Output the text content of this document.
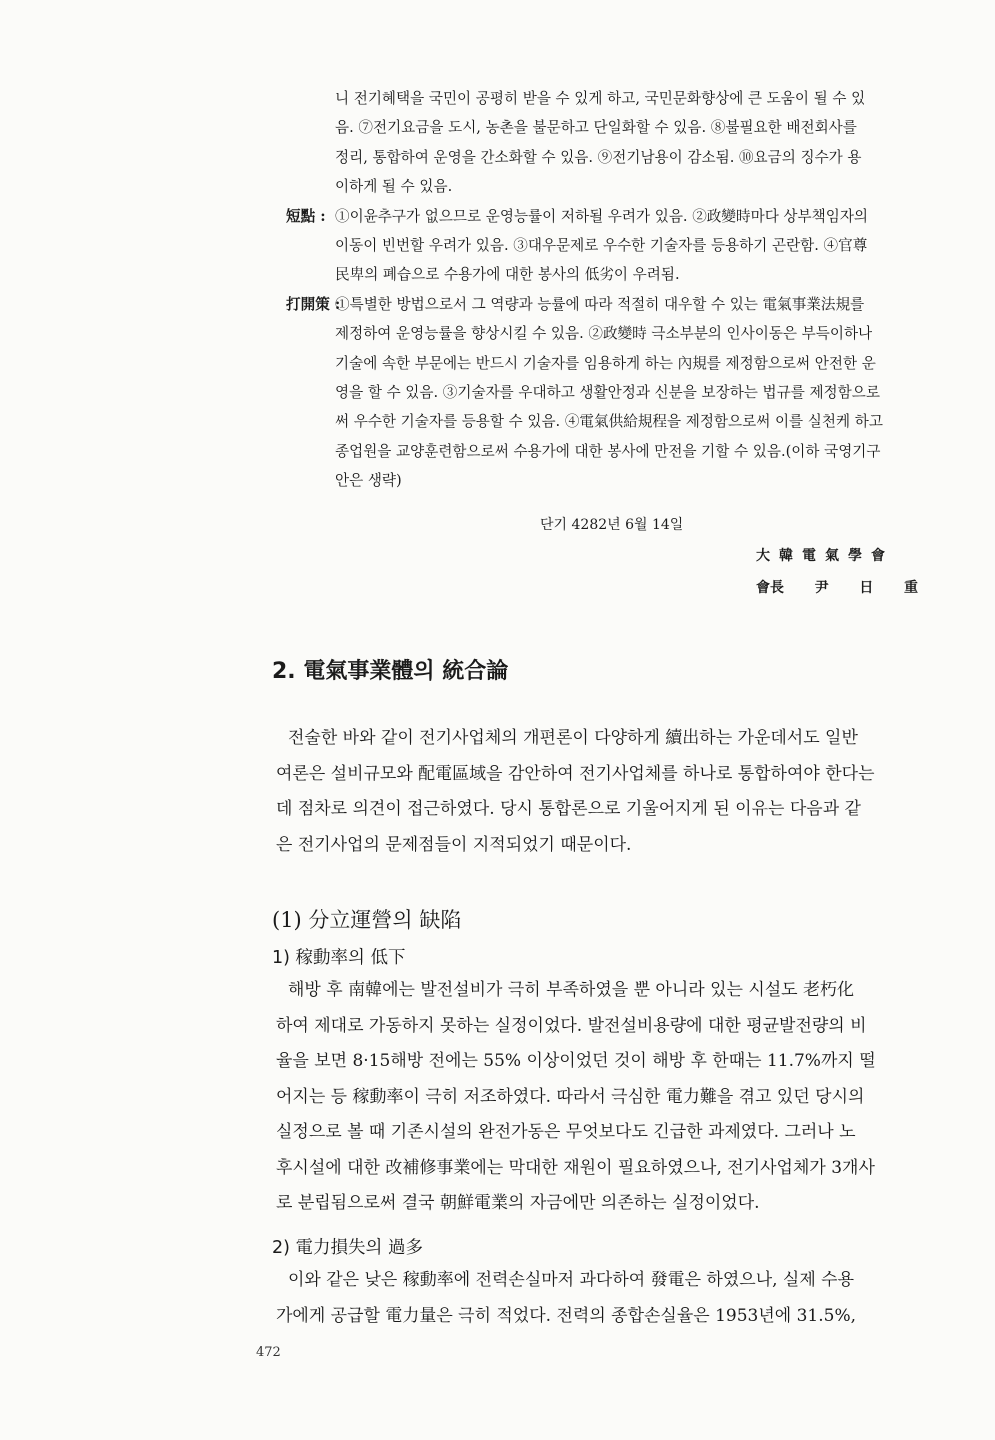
니 전기혜택을 국민이 공평히 받을 수 있게 하고, 국민문화향상에 큰 도움이 될 수 있
음. ⑦전기요금을 도시, 농촌을 불문하고 단일화할 수 있음. ⑧불필요한 배전회사를
정리, 통합하여 운영을 간소화할 수 있음. ⑨전기남용이 감소됨. ⑩요금의 징수가 용
이하게 될 수 있음.
短點 : ①이윤추구가 없으므로 운영능률이 저하될 우려가 있음. ②政變時마다 상부책임자의
이동이 빈번할 우려가 있음. ③대우문제로 우수한 기술자를 등용하기 곤란함. ④官尊
民卑의 폐습으로 수용가에 대한 봉사의 低劣이 우려됨.
打開策 :①특별한 방법으로서 그 역량과 능률에 따라 적절히 대우할 수 있는 電氣事業法規를
제정하여 운영능률을 향상시킬 수 있음. ②政變時 극소부분의 인사이동은 부득이하나
기술에 속한 부문에는 반드시 기술자를 임용하게 하는 內規를 제정함으로써 안전한 운
영을 할 수 있음. ③기술자를 우대하고 생활안정과 신분을 보장하는 법규를 제정함으로
써 우수한 기술자를 등용할 수 있음. ④電氣供給規程을 제정함으로써 이를 실천케 하고
종업원을 교양훈련함으로써 수용가에 대한 봉사에 만전을 기할 수 있음.(이하 국영기구
안은 생략)
단기 4282년 6월 14일
大韓電氣學會
會長 尹 日 重
2. 電氣事業體의 統合論
전술한 바와 같이 전기사업체의 개편론이 다양하게 續出하는 가운데서도 일반
여론은 설비규모와 配電區域을 감안하여 전기사업체를 하나로 통합하여야 한다는
데 점차로 의견이 접근하였다. 당시 통합론으로 기울어지게 된 이유는 다음과 같
은 전기사업의 문제점들이 지적되었기 때문이다.
(1) 分立運營의 缺陷
1) 稼動率의 低下
해방 후 南韓에는 발전설비가 극히 부족하였을 뿐 아니라 있는 시설도 老朽化
하여 제대로 가동하지 못하는 실정이었다. 발전설비용량에 대한 평균발전량의 비
율을 보면 8·15해방 전에는 55% 이상이었던 것이 해방 후 한때는 11.7%까지 떨
어지는 등 稼動率이 극히 저조하였다. 따라서 극심한 電力難을 겪고 있던 당시의
실정으로 볼 때 기존시설의 완전가동은 무엇보다도 긴급한 과제였다. 그러나 노
후시설에 대한 改補修事業에는 막대한 재원이 필요하였으나, 전기사업체가 3개사
로 분립됨으로써 결국 朝鮮電業의 자금에만 의존하는 실정이었다.
2) 電力損失의 過多
이와 같은 낮은 稼動率에 전력손실마저 과다하여 發電은 하였으나, 실제 수용
가에게 공급할 電力量은 극히 적었다. 전력의 종합손실율은 1953년에 31.5%,
472
